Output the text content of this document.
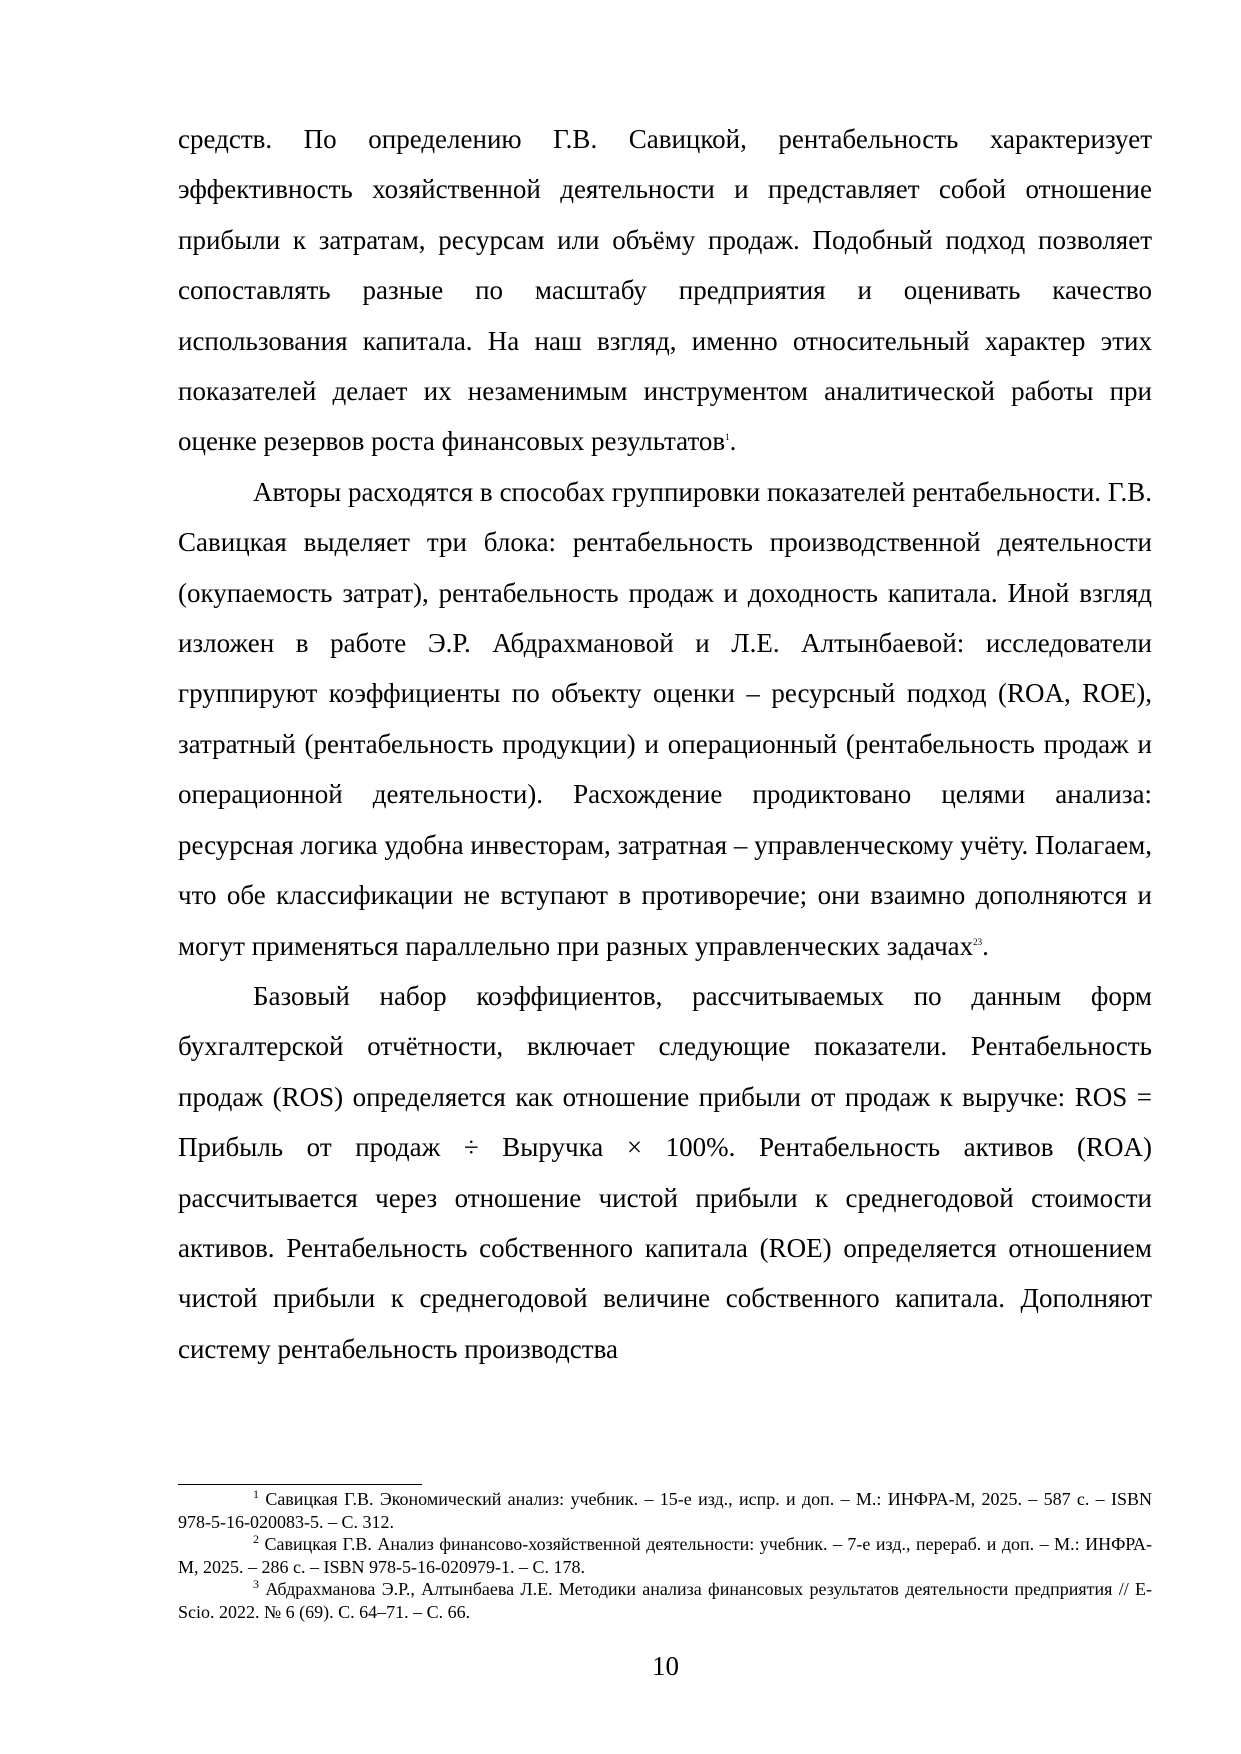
средств. По определению Г.В. Савицкой, рентабельность характеризует эффективность хозяйственной деятельности и представляет собой отношение прибыли к затратам, ресурсам или объёму продаж. Подобный подход позволяет сопоставлять разные по масштабу предприятия и оценивать качество использования капитала. На наш взгляд, именно относительный характер этих показателей делает их незаменимым инструментом аналитической работы при оценке резервов роста финансовых результатов$^1$.

Авторы расходятся в способах группировки показателей рентабельности. Г.В. Савицкая выделяет три блока: рентабельность производственной деятельности (окупаемость затрат), рентабельность продаж и доходность капитала. Иной взгляд изложен в работе Э.Р. Абдрахмановой и Л.Е. Алтынбаевой: исследователи группируют коэффициенты по объекту оценки – ресурсный подход (ROA, ROE), затратный (рентабельность продукции) и операционный (рентабельность продаж и операционной деятельности). Расхождение продиктовано целями анализа: ресурсная логика удобна инвесторам, затратная – управленческому учёту. Полагаем, что обе классификации не вступают в противоречие; они взаимно дополняются и могут применяться параллельно при разных управленческих задачах$^{23}$.

Базовый набор коэффициентов, рассчитываемых по данным форм бухгалтерской отчётности, включает следующие показатели. Рентабельность продаж (ROS) определяется как отношение прибыли от продаж к выручке: ROS = Прибыль от продаж ÷ Выручка × 100%. Рентабельность активов (ROA) рассчитывается через отношение чистой прибыли к среднегодовой стоимости активов. Рентабельность собственного капитала (ROE) определяется отношением чистой прибыли к среднегодовой величине собственного капитала. Дополняют систему рентабельность производства

$^1$ Савицкая Г.В. Экономический анализ: учебник. – 15-е изд., испр. и доп. – М.: ИНФРА-М, 2025. – 587 с. – ISBN 978-5-16-020083-5. – С. 312.

$^2$ Савицкая Г.В. Анализ финансово-хозяйственной деятельности: учебник. – 7-е изд., перераб. и доп. – М.: ИНФРА-М, 2025. – 286 с. – ISBN 978-5-16-020979-1. – С. 178.

$^3$ Абдрахманова Э.Р., Алтынбаева Л.Е. Методики анализа финансовых результатов деятельности предприятия // E-Scio. 2022. № 6 (69). С. 64–71. – С. 66.

10
